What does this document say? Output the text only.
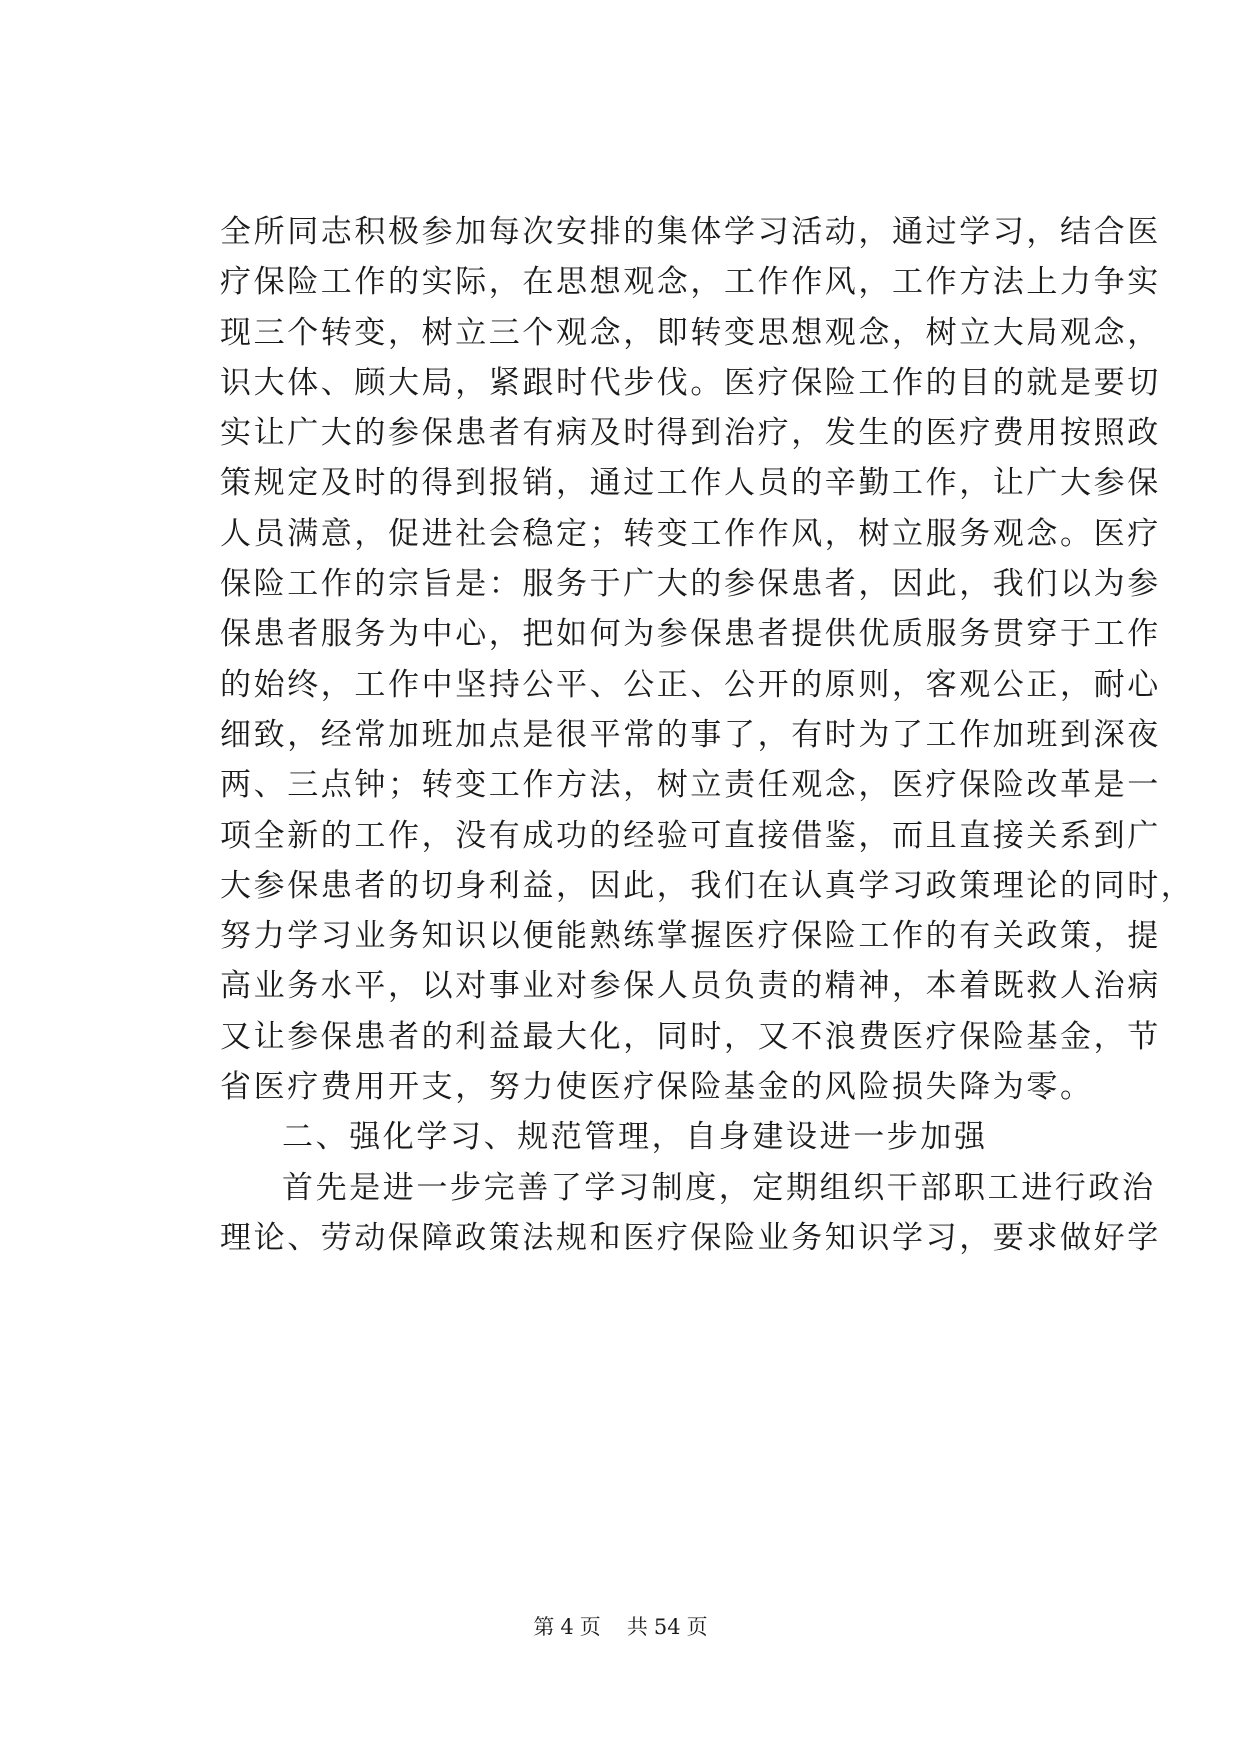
全所同志积极参加每次安排的集体学习活动，通过学习，结合医
疗保险工作的实际，在思想观念，工作作风，工作方法上力争实
现三个转变，树立三个观念，即转变思想观念，树立大局观念，
识大体、顾大局，紧跟时代步伐。医疗保险工作的目的就是要切
实让广大的参保患者有病及时得到治疗，发生的医疗费用按照政
策规定及时的得到报销，通过工作人员的辛勤工作，让广大参保
人员满意，促进社会稳定；转变工作作风，树立服务观念。医疗
保险工作的宗旨是：服务于广大的参保患者，因此，我们以为参
保患者服务为中心，把如何为参保患者提供优质服务贯穿于工作
的始终，工作中坚持公平、公正、公开的原则，客观公正，耐心
细致，经常加班加点是很平常的事了，有时为了工作加班到深夜
两、三点钟；转变工作方法，树立责任观念，医疗保险改革是一
项全新的工作，没有成功的经验可直接借鉴，而且直接关系到广
大参保患者的切身利益，因此，我们在认真学习政策理论的同时，
努力学习业务知识以便能熟练掌握医疗保险工作的有关政策，提
高业务水平，以对事业对参保人员负责的精神，本着既救人治病
又让参保患者的利益最大化，同时，又不浪费医疗保险基金，节
省医疗费用开支，努力使医疗保险基金的风险损失降为零。
二、强化学习、规范管理，自身建设进一步加强
首先是进一步完善了学习制度，定期组织干部职工进行政治
理论、劳动保障政策法规和医疗保险业务知识学习，要求做好学
第 4 页 共 54 页
